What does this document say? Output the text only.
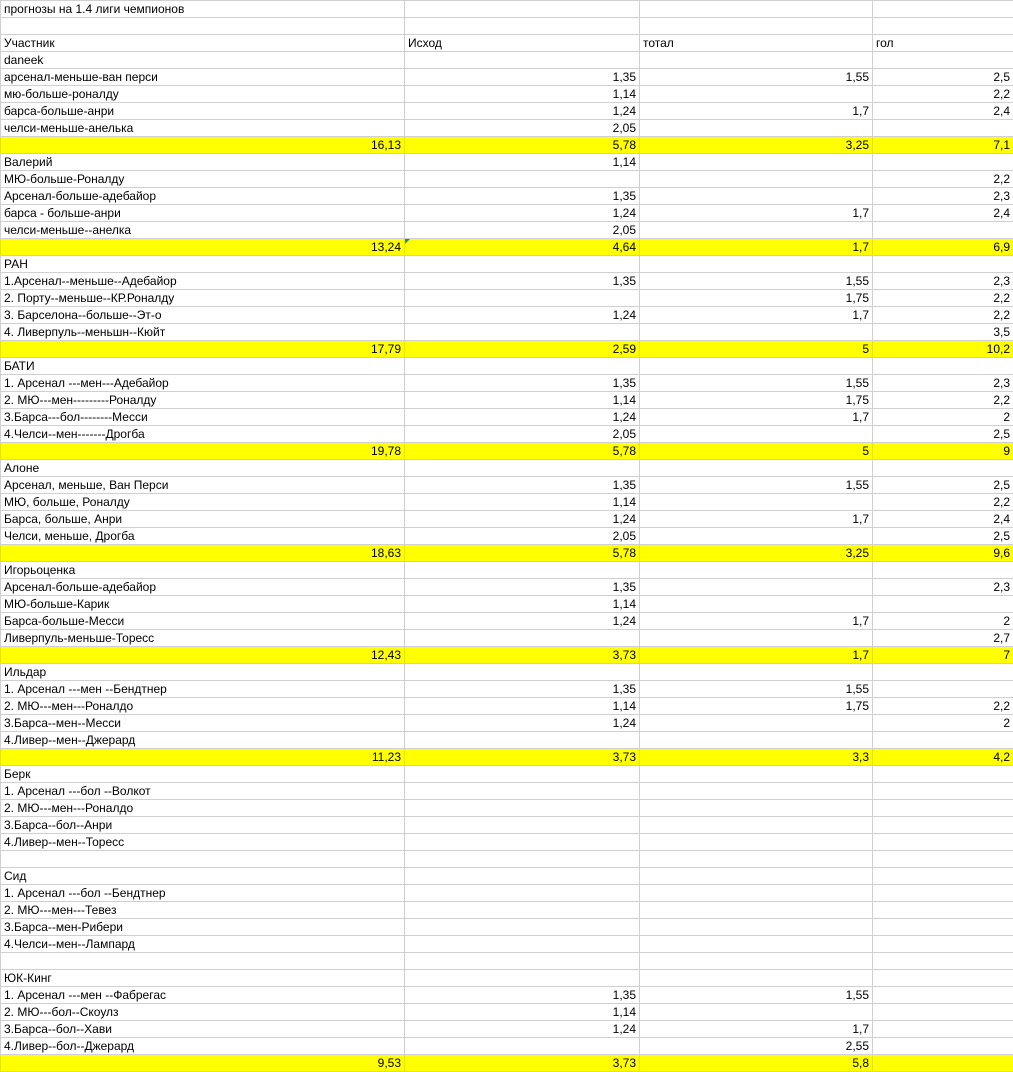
прогнозы на 1.4 лиги чемпионов			

Участник	Исход	тотал	гол
daneek			
арсенал-меньше-ван перси	1,35	1,55	2,5
мю-больше-роналду	1,14		2,2
барса-больше-анри	1,24	1,7	2,4
челси-меньше-анелька	2,05		
16,13	5,78	3,25	7,1
Валерий	1,14		
МЮ-больше-Роналду			2,2
Арсенал-больше-адебайор	1,35		2,3
барса - больше-анри	1,24	1,7	2,4
челси-меньше--анелка	2,05		
13,24	4,64	1,7	6,9
РАН			
1.Арсенал--меньше--Адебайор	1,35	1,55	2,3
2. Порту--меньше--КР.Роналду		1,75	2,2
3. Барселона--больше--Эт-о	1,24	1,7	2,2
4. Ливерпуль--меньшн--Кюйт			3,5
17,79	2,59	5	10,2
БАТИ			
1. Арсенал ---мен---Адебайор	1,35	1,55	2,3
2. МЮ---мен---------Роналду	1,14	1,75	2,2
3.Барса---бол--------Месси	1,24	1,7	2
4.Челси--мен-------Дрогба	2,05		2,5
19,78	5,78	5	9
Алоне			
Арсенал, меньше, Ван Перси	1,35	1,55	2,5
МЮ, больше, Роналду	1,14		2,2
Барса, больше, Анри	1,24	1,7	2,4
Челси, меньше, Дрогба	2,05		2,5
18,63	5,78	3,25	9,6
Игорьоценка			
Арсенал-больше-адебайор	1,35		2,3
МЮ-больше-Карик	1,14		
Барса-больше-Месси	1,24	1,7	2
Ливерпуль-меньше-Торесс			2,7
12,43	3,73	1,7	7
Ильдар			
1. Арсенал ---мен --Бендтнер	1,35	1,55	
2. МЮ---мен---Роналдо	1,14	1,75	2,2
3.Барса--мен--Месси	1,24		2
4.Ливер--мен--Джерард			
11,23	3,73	3,3	4,2
Берк			
1. Арсенал ---бол --Волкот			
2. МЮ---мен---Роналдо			
3.Барса--бол--Анри			
4.Ливер--мен--Торесс			

Сид			
1. Арсенал ---бол --Бендтнер			
2. МЮ---мен---Тевез			
3.Барса--мен-Рибери			
4.Челси--мен--Лампард			

ЮК-Кинг			
1. Арсенал ---мен --Фабрегас	1,35	1,55	
2. МЮ---бол--Скоулз	1,14		
3.Барса--бол--Хави	1,24	1,7	
4.Ливер--бол--Джерард		2,55	
9,53	3,73	5,8	
